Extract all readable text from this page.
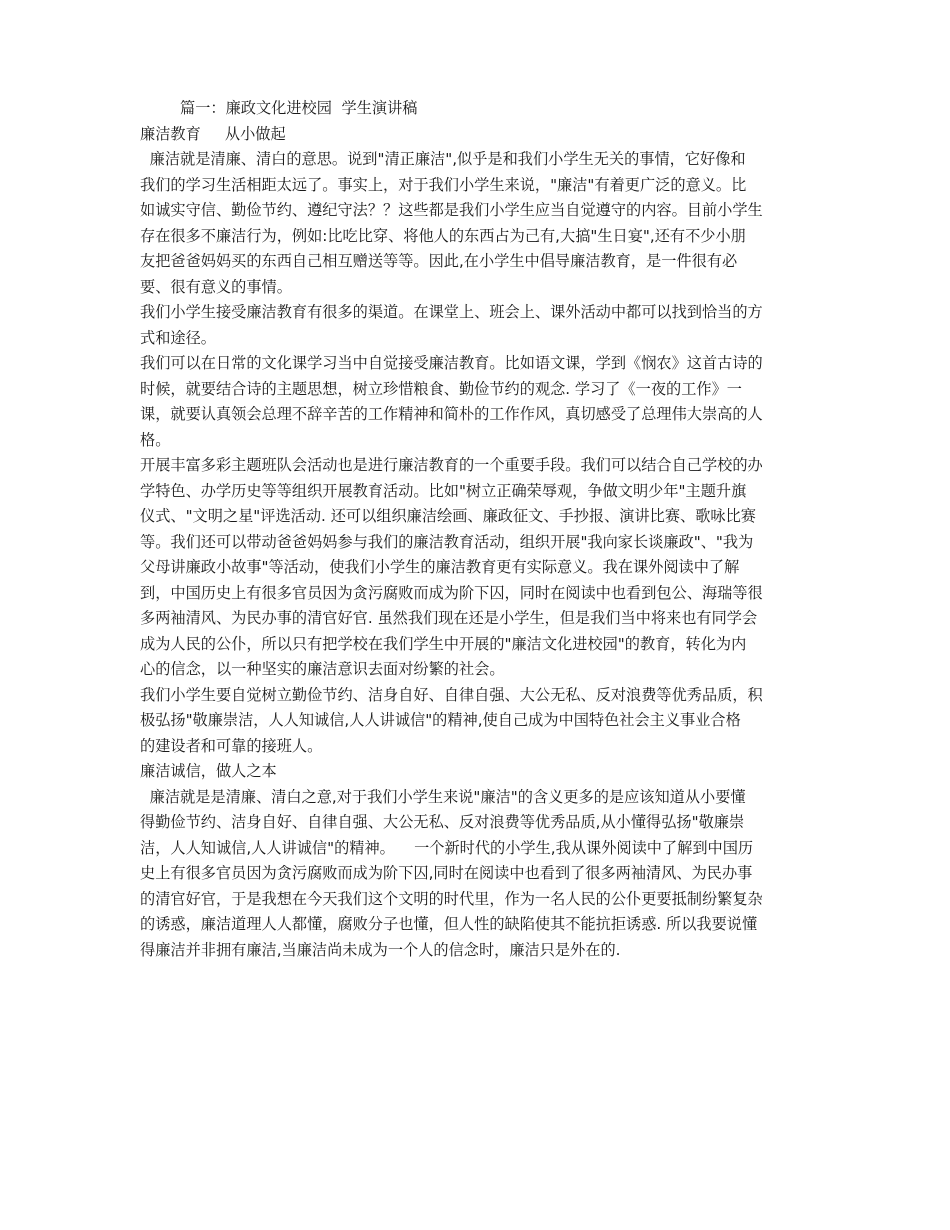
篇一：廉政文化进校园  学生演讲稿
廉洁教育     从小做起
廉洁就是清廉、清白的意思。说到"清正廉洁",似乎是和我们小学生无关的事情，它好像和
我们的学习生活相距太远了。事实上，对于我们小学生来说，"廉洁"有着更广泛的意义。比
如诚实守信、勤俭节约、遵纪守法？？这些都是我们小学生应当自觉遵守的内容。目前小学生
存在很多不廉洁行为，例如:比吃比穿、将他人的东西占为己有,大搞"生日宴",还有不少小朋
友把爸爸妈妈买的东西自己相互赠送等等。因此,在小学生中倡导廉洁教育，是一件很有必
要、很有意义的事情。
我们小学生接受廉洁教育有很多的渠道。在课堂上、班会上、课外活动中都可以找到恰当的方
式和途径。
我们可以在日常的文化课学习当中自觉接受廉洁教育。比如语文课，学到《悯农》这首古诗的
时候，就要结合诗的主题思想，树立珍惜粮食、勤俭节约的观念. 学习了《一夜的工作》一
课，就要认真领会总理不辞辛苦的工作精神和简朴的工作作风，真切感受了总理伟大崇高的人
格。
开展丰富多彩主题班队会活动也是进行廉洁教育的一个重要手段。我们可以结合自己学校的办
学特色、办学历史等等组织开展教育活动。比如"树立正确荣辱观，争做文明少年"主题升旗
仪式、"文明之星"评选活动. 还可以组织廉洁绘画、廉政征文、手抄报、演讲比赛、歌咏比赛
等。我们还可以带动爸爸妈妈参与我们的廉洁教育活动，组织开展"我向家长谈廉政"、"我为
父母讲廉政小故事"等活动，使我们小学生的廉洁教育更有实际意义。我在课外阅读中了解
到，中国历史上有很多官员因为贪污腐败而成为阶下囚，同时在阅读中也看到包公、海瑞等很
多两袖清风、为民办事的清官好官. 虽然我们现在还是小学生，但是我们当中将来也有同学会
成为人民的公仆，所以只有把学校在我们学生中开展的"廉洁文化进校园"的教育，转化为内
心的信念，以一种坚实的廉洁意识去面对纷繁的社会。
我们小学生要自觉树立勤俭节约、洁身自好、自律自强、大公无私、反对浪费等优秀品质，积
极弘扬"敬廉崇洁，人人知诚信,人人讲诚信"的精神,使自己成为中国特色社会主义事业合格
的建设者和可靠的接班人。
廉洁诚信，做人之本
廉洁就是是清廉、清白之意,对于我们小学生来说"廉洁"的含义更多的是应该知道从小要懂
得勤俭节约、洁身自好、自律自强、大公无私、反对浪费等优秀品质,从小懂得弘扬"敬廉崇
洁，人人知诚信,人人讲诚信"的精神。    一个新时代的小学生,我从课外阅读中了解到中国历
史上有很多官员因为贪污腐败而成为阶下囚,同时在阅读中也看到了很多两袖清风、为民办事
的清官好官，于是我想在今天我们这个文明的时代里，作为一名人民的公仆更要抵制纷繁复杂
的诱惑，廉洁道理人人都懂，腐败分子也懂，但人性的缺陷使其不能抗拒诱惑. 所以我要说懂
得廉洁并非拥有廉洁,当廉洁尚未成为一个人的信念时，廉洁只是外在的.
